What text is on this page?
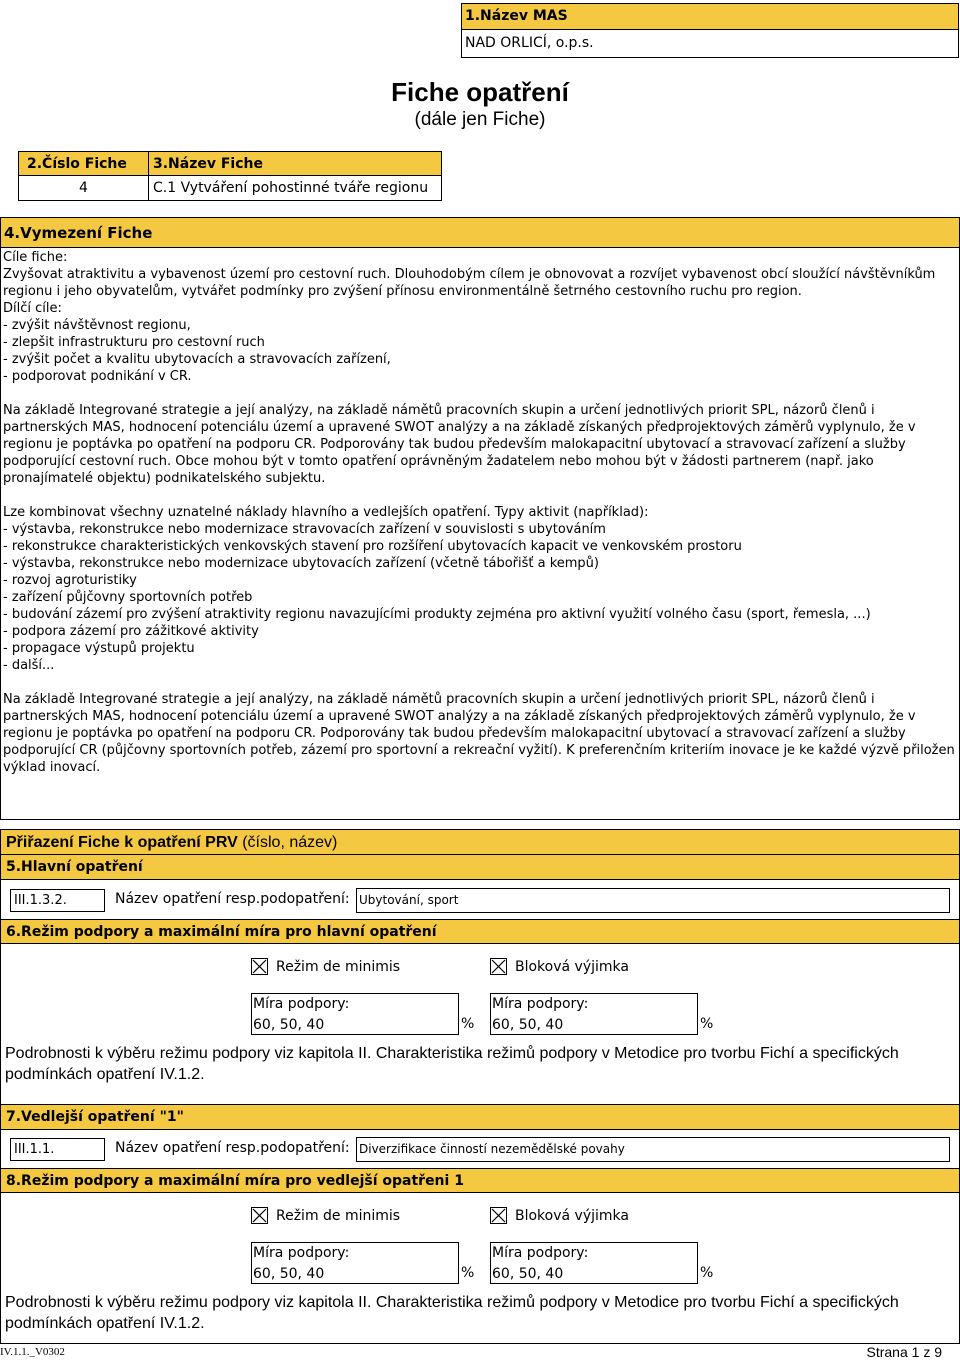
1.Název MAS
NAD ORLICÍ, o.p.s.
Fiche opatření
(dále jen Fiche)
2.Číslo Fiche	3.Název Fiche
4	C.1 Vytváření pohostinné tváře regionu
4.Vymezení Fiche
Cíle fiche:
Zvyšovat atraktivitu a vybavenost území pro cestovní ruch. Dlouhodobým cílem je obnovovat a rozvíjet vybavenost obcí sloužící návštěvníkům regionu i jeho obyvatelům, vytvářet podmínky pro zvýšení přínosu environmentálně šetrného cestovního ruchu pro region.
Dílčí cíle:
- zvýšit návštěvnost regionu,
- zlepšit infrastrukturu pro cestovní ruch
- zvýšit počet a kvalitu ubytovacích a stravovacích zařízení,
- podporovat podnikání v CR.

Na základě Integrované strategie a její analýzy, na základě námětů pracovních skupin a určení jednotlivých priorit SPL, názorů členů i partnerských MAS, hodnocení potenciálu území a upravené SWOT analýzy a na základě získaných předprojektových záměrů vyplynulo, že v regionu je poptávka po opatření na podporu CR. Podporovány tak budou především malokapacitní ubytovací a stravovací zařízení a služby podporující cestovní ruch. Obce mohou být v tomto opatření oprávněným žadatelem nebo mohou být v žádosti partnerem (např. jako pronajímatelé objektu) podnikatelského subjektu.

Lze kombinovat všechny uznatelné náklady hlavního a vedlejších opatření. Typy aktivit (například):
- výstavba, rekonstrukce nebo modernizace stravovacích zařízení v souvislosti s ubytováním
- rekonstrukce charakteristických venkovských stavení pro rozšíření ubytovacích kapacit ve venkovském prostoru
- výstavba, rekonstrukce nebo modernizace ubytovacích zařízení (včetně tábořišť a kempů)
- rozvoj agroturistiky
- zařízení půjčovny sportovních potřeb
- budování zázemí pro zvýšení atraktivity regionu navazujícími produkty zejména pro aktivní využití volného času (sport, řemesla, ...)
- podpora zázemí pro zážitkové aktivity
- propagace výstupů projektu
- další...

Na základě Integrované strategie a její analýzy, na základě námětů pracovních skupin a určení jednotlivých priorit SPL, názorů členů i partnerských MAS, hodnocení potenciálu území a upravené SWOT analýzy a na základě získaných předprojektových záměrů vyplynulo, že v regionu je poptávka po opatření na podporu CR. Podporovány tak budou především malokapacitní ubytovací a stravovací zařízení a služby podporující CR (půjčovny sportovních potřeb, zázemí pro sportovní a rekreační vyžití). K preferenčním kriteriím inovace je ke každé výzvě přiložen výklad inovací.
Přiřazení Fiche k opatření PRV (číslo, název)
5.Hlavní opatření
III.1.3.2.	Název opatření resp.podopatření: Ubytování, sport
6.Režim podpory a maximální míra pro hlavní opatření
Režim de minimis	Bloková výjimka
Míra podpory:
60, 50, 40	%
Míra podpory:
60, 50, 40	%
Podrobnosti k výběru režimu podpory viz kapitola II. Charakteristika režimů podpory v Metodice pro tvorbu Fichí a specifických podmínkách opatření IV.1.2.
7.Vedlejší opatření "1"
III.1.1.	Název opatření resp.podopatření: Diverzifikace činností nezemědělské povahy
8.Režim podpory a maximální míra pro vedlejší opatřeni 1
Režim de minimis	Bloková výjimka
Míra podpory:
60, 50, 40	%
Míra podpory:
60, 50, 40	%
Podrobnosti k výběru režimu podpory viz kapitola II. Charakteristika režimů podpory v Metodice pro tvorbu Fichí a specifických podmínkách opatření IV.1.2.
IV.1.1._V0302	Strana 1 z 9
